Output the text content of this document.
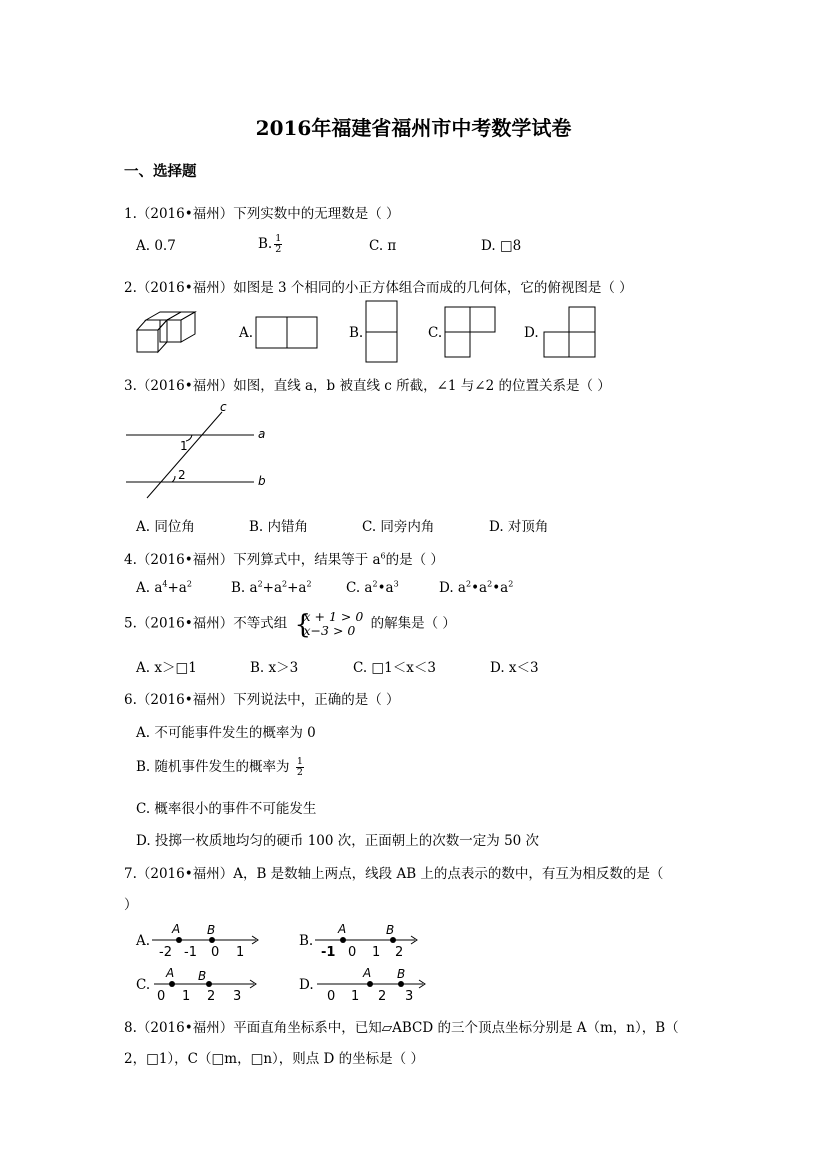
2016年福建省福州市中考数学试卷
一、选择题
1.（2016•福州）下列实数中的无理数是（ ）
A. 0.7	B. $\frac{1}{2}$	C. π	D. □8
2.（2016•福州）如图是 3 个相同的小正方体组合而成的几何体，它的俯视图是（ ）
A.	B.	C.	D.
3.（2016•福州）如图，直线 a，b 被直线 c 所截，∠1 与∠2 的位置关系是（ ）
c
a
b
1
2
A. 同位角	B. 内错角	C. 同旁内角	D. 对顶角
4.（2016•福州）下列算式中，结果等于 $a^6$的是（ ）
A. $a^4+a^2$	B. $a^2+a^2+a^2$	C. $a^2•a^3$	D. $a^2•a^2•a^2$
5.（2016•福州）不等式组 {
x + 1 > 0
x−3 > 0	的解集是（ ）
A. x＞□1	B. x＞3	C. □1＜x＜3	D. x＜3
6.（2016•福州）下列说法中，正确的是（ ）
A. 不可能事件发生的概率为 0
B. 随机事件发生的概率为 $\frac{1}{2}$
C. 概率很小的事件不可能发生
D. 投掷一枚质地均匀的硬币 100 次，正面朝上的次数一定为 50 次
7.（2016•福州）A，B 是数轴上两点，线段 AB 上的点表示的数中，有互为相反数的是（
）
A.
A B
-2 -1 0 1
B.
A	B
-1 0 1 2
C.
A B
0 1 2 3
D.
A B
0 1 2 3
8.（2016•福州）平面直角坐标系中，已知▱ABCD 的三个顶点坐标分别是 A（m，n），B（
2，□1），C（□m，□n），则点 D 的坐标是（ ）
